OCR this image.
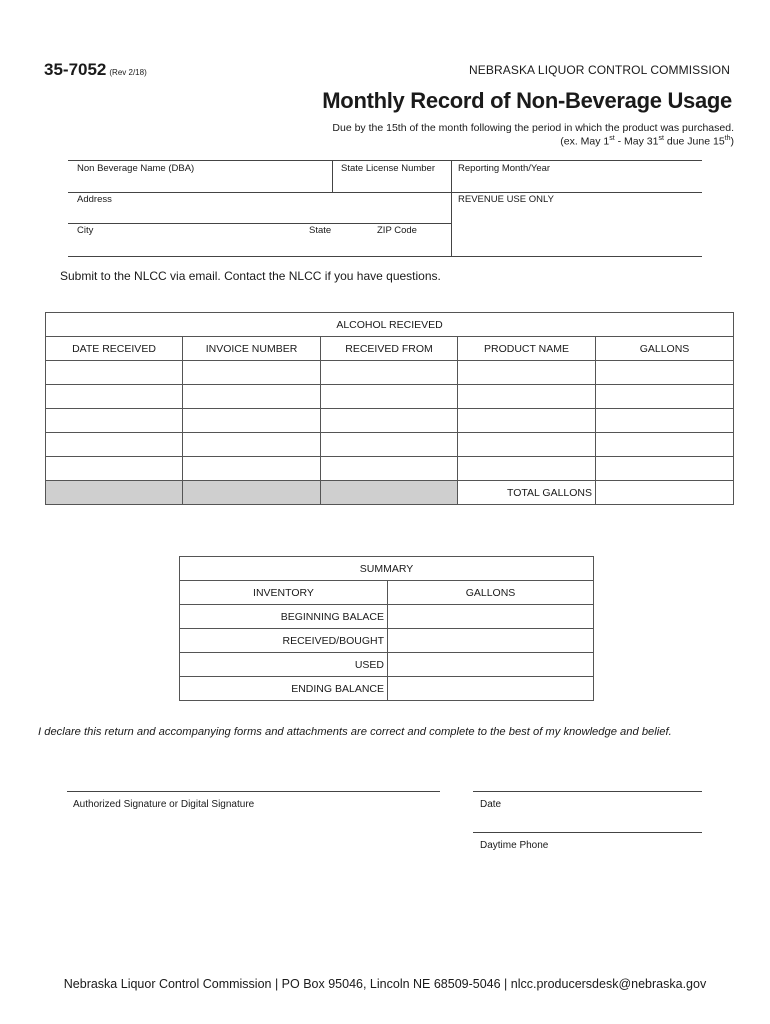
35-7052 (Rev 2/18)	NEBRASKA LIQUOR CONTROL COMMISSION
Monthly Record of Non-Beverage Usage
Due by the 15th of the month following the period in which the product was purchased.
(ex. May 1st - May 31st due June 15th)
Non Beverage Name (DBA)	State License Number Reporting Month/Year
Address	REVENUE USE ONLY
City	State	ZIP Code
Submit to the NLCC via email. Contact the NLCC if you have questions.
ALCOHOL RECIEVED				
DATE RECEIVED	INVOICE NUMBER	RECEIVED FROM	PRODUCT NAME	GALLONS

			TOTAL GALLONS	
SUMMARY	
INVENTORY	GALLONS
BEGINNING BALACE	
RECEIVED/BOUGHT	
USED	
ENDING BALANCE	
I declare this return and accompanying forms and attachments are correct and complete to the best of my knowledge and belief.
Authorized Signature or Digital Signature	Date
Daytime Phone
Nebraska Liquor Control Commission | PO Box 95046, Lincoln NE 68509-5046 | nlcc.producersdesk@nebraska.gov
